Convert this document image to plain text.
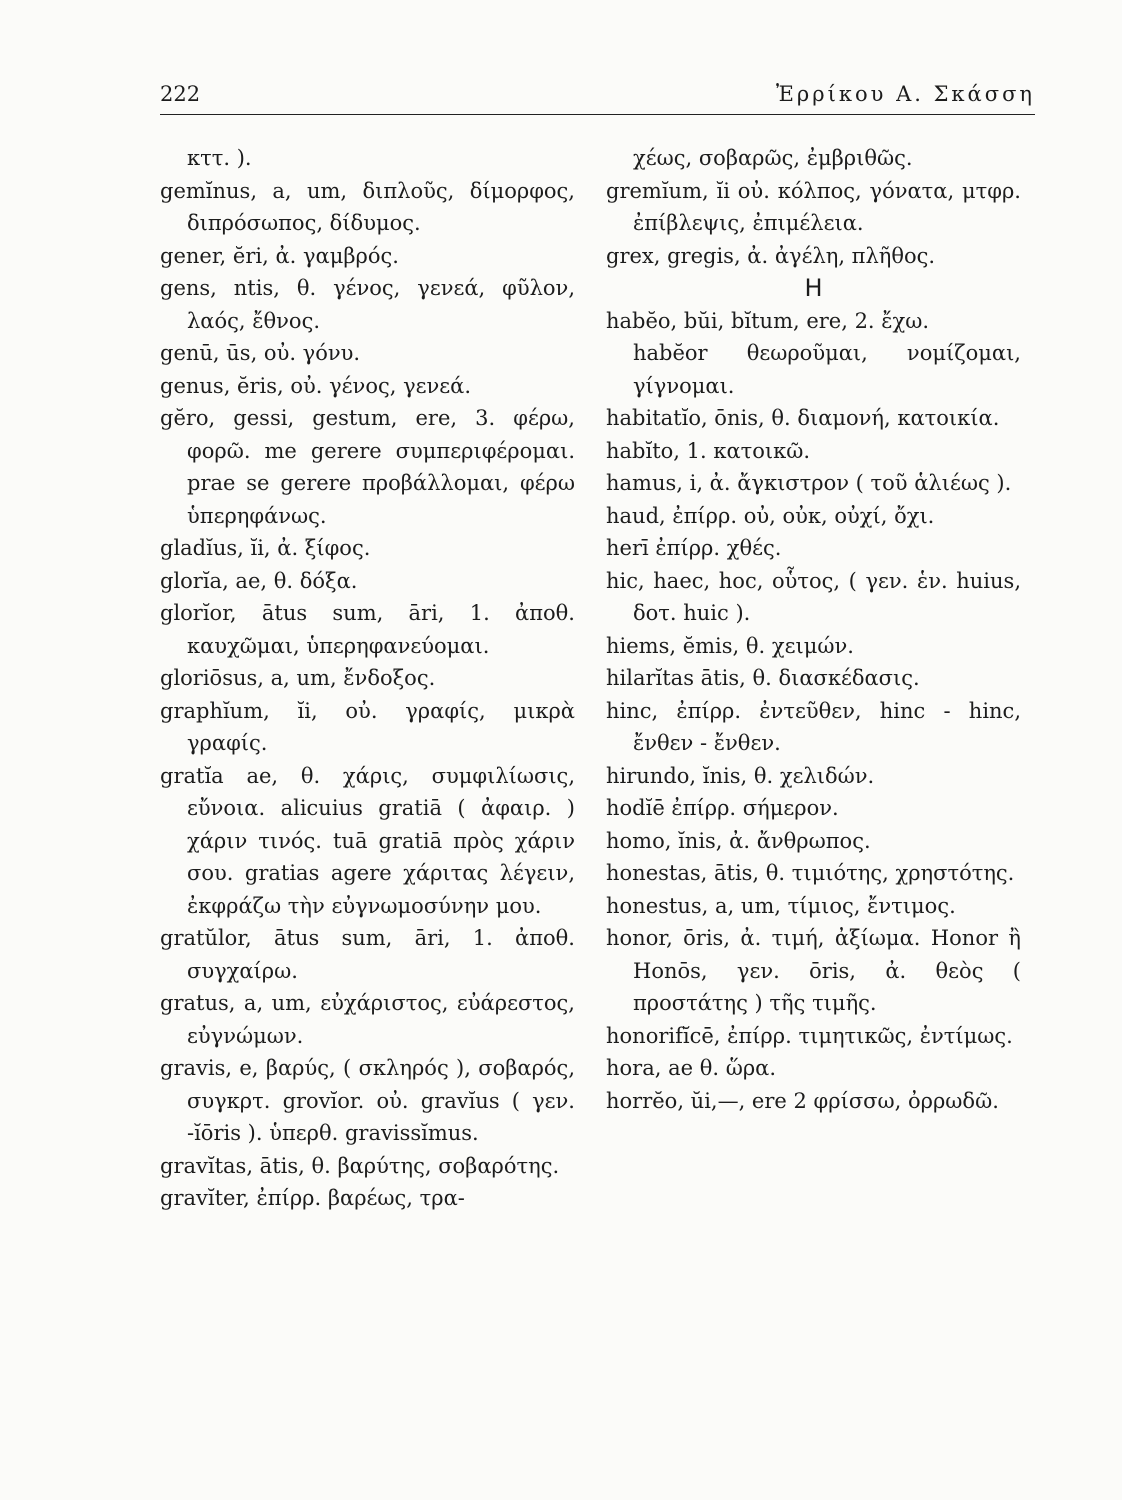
222	Ἐρρίκου Α. Σκάσση

κττ. ).

gemĭnus, a, um, διπλοῦς, δίμορφος, διπρόσωπος, δίδυμος.

gener, ĕri, ἀ. γαμβρός.

gens, ntis, θ. γένος, γενεά, φῦλον, λαός, ἔθνος.

genū, ūs, οὐ. γόνυ.

genus, ĕris, οὐ. γένος, γενεά.

gĕro, gessi, gestum, ere, 3. φέρω, φορῶ. me gerere συμπεριφέρομαι. prae se gerere προβάλλομαι, φέρω ὑπερηφάνως.

gladĭus, ĭi, ἀ. ξίφος.

glorĭa, ae, θ. δόξα.

glorĭor, ātus sum, āri, 1. ἀποθ. καυχῶμαι, ὑπερηφανεύομαι.

gloriōsus, a, um, ἔνδοξος.

graphĭum, ĭi, οὐ. γραφίς, μικρὰ γραφίς.

gratĭa ae, θ. χάρις, συμφιλίωσις, εὔνοια. alicuius gratiā ( ἀφαιρ. ) χάριν τινός. tuā gratiā πρὸς χάριν σου. gratias agere χάριτας λέγειν, ἐκφράζω τὴν εὐγνωμοσύνην μου.

gratŭlor, ātus sum, āri, 1. ἀποθ. συγχαίρω.

gratus, a, um, εὐχάριστος, εὐάρεστος, εὐγνώμων.

gravis, e, βαρύς, ( σκληρός ), σοβαρός, συγκρτ. grovĭor. οὐ. gravĭus ( γεν. -ĭōris ). ὑπερθ. gravissĭmus.

gravĭtas, ātis, θ. βαρύτης, σοβαρότης.

gravĭter, ἐπίρρ. βαρέως, τρα-

χέως, σοβαρῶς, ἐμβριθῶς.

gremĭum, ĭi οὐ. κόλπος, γόνατα, μτφρ. ἐπίβλεψις, ἐπιμέλεια.

grex, gregis, ἀ. ἀγέλη, πλῆθος.

H

habĕo, bŭi, bĭtum, ere, 2. ἔχω.

habĕor θεωροῦμαι, νομίζομαι, γίγνομαι.

habitatĭo, ōnis, θ. διαμονή, κατοικία.

habĭto, 1. κατοικῶ.

hamus, i, ἀ. ἄγκιστρον ( τοῦ ἁλιέως ).

haud, ἐπίρρ. οὐ, οὐκ, οὐχί, ὄχι.

herī ἐπίρρ. χθές.

hic, haec, hoc, οὗτος, ( γεν. ἑν. huius, δοτ. huic ).

hiems, ĕmis, θ. χειμών.

hilarĭtas ātis, θ. διασκέδασις.

hinc, ἐπίρρ. ἐντεῦθεν, hinc - hinc, ἔνθεν - ἔνθεν.

hirundo, ĭnis, θ. χελιδών.

hodĭē ἐπίρρ. σήμερον.

homo, ĭnis, ἀ. ἄνθρωπος.

honestas, ātis, θ. τιμιότης, χρηστότης.

honestus, a, um, τίμιος, ἔντιμος.

honor, ōris, ἀ. τιμή, ἀξίωμα. Honor ἢ Honōs, γεν. ōris, ἀ. θεὸς ( προστάτης ) τῆς τιμῆς.

honorifĭcē, ἐπίρρ. τιμητικῶς, ἐντίμως.

hora, ae θ. ὥρα.

horrĕo, ŭi,—, ere 2 φρίσσω, ὀρρωδῶ.
